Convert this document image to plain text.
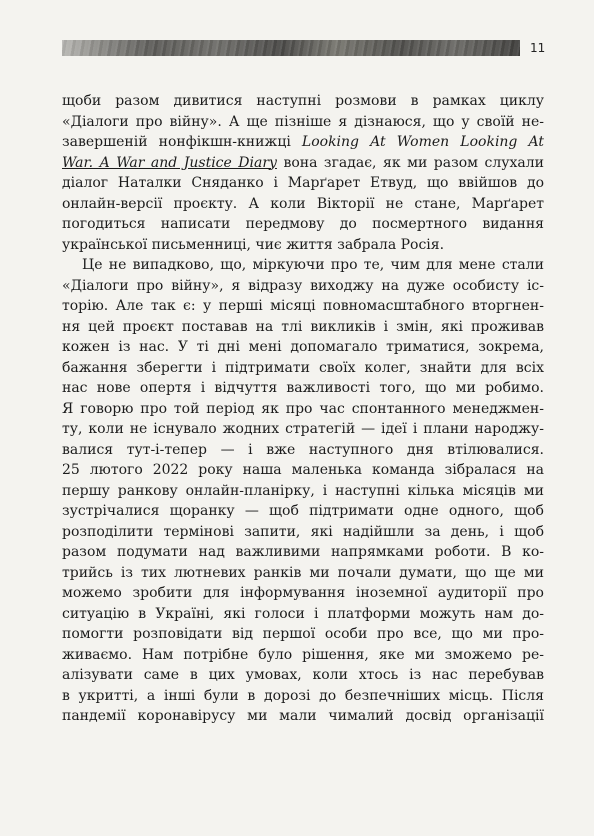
11
щоби разом дивитися наступні розмови в рамках циклу
«Діалоги про війну». А ще пізніше я дізнаюся, що у своїй не-
завершеній нонфікшн-книжці Looking At Women Looking At
War. A War and Justice Diary вона згадає, як ми разом слухали
діалог Наталки Сняданко і Марґарет Етвуд, що ввійшов до
онлайн-версії проєкту. А коли Вікторії не стане, Марґарет
погодиться написати передмову до посмертного видання
української письменниці, чиє життя забрала Росія.
Це не випадково, що, міркуючи про те, чим для мене стали
«Діалоги про війну», я відразу виходжу на дуже особисту іс-
торію. Але так є: у перші місяці повномасштабного вторгнен-
ня цей проєкт поставав на тлі викликів і змін, які проживав
кожен із нас. У ті дні мені допомагало триматися, зокрема,
бажання зберегти і підтримати своїх колег, знайти для всіх
нас нове опертя і відчуття важливості того, що ми робимо.
Я говорю про той період як про час спонтанного менеджмен-
ту, коли не існувало жодних стратегій — ідеї і плани народжу-
валися тут-і-тепер — і вже наступного дня втілювалися.
25 лютого 2022 року наша маленька команда зібралася на
першу ранкову онлайн-планірку, і наступні кілька місяців ми
зустрічалися щоранку — щоб підтримати одне одного, щоб
розподілити термінові запити, які надійшли за день, і щоб
разом подумати над важливими напрямками роботи. В ко-
трийсь із тих лютневих ранків ми почали думати, що ще ми
можемо зробити для інформування іноземної аудиторії про
ситуацію в Україні, які голоси і платформи можуть нам до-
помогти розповідати від першої особи про все, що ми про-
живаємо. Нам потрібне було рішення, яке ми зможемо ре-
алізувати саме в цих умовах, коли хтось із нас перебував
в укритті, а інші були в дорозі до безпечніших місць. Після
пандемії коронавірусу ми мали чималий досвід організації
